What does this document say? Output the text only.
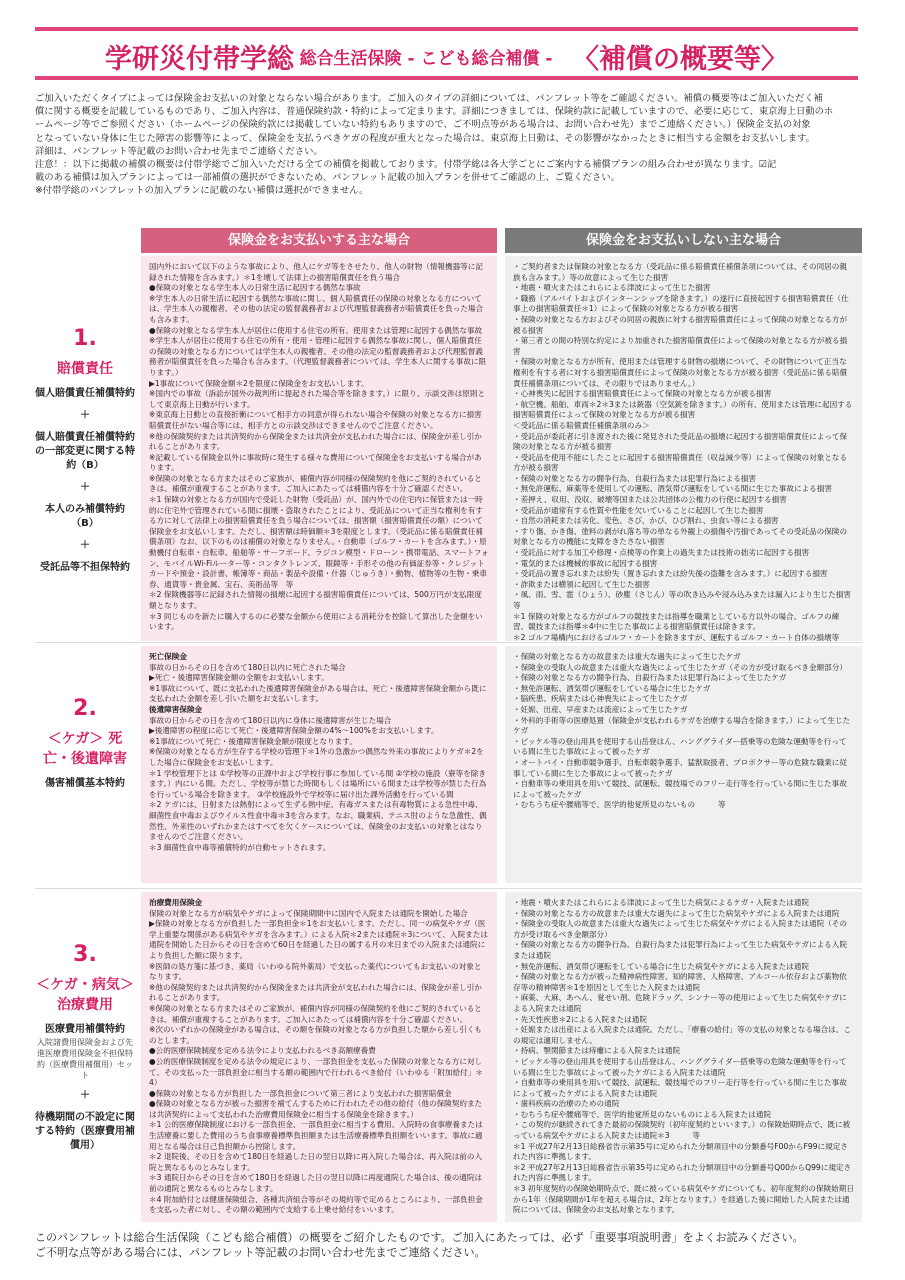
学研災付帯学総 総合生活保険 - こども総合補償 - 〈補償の概要等〉

ご加入いただくタイプによっては保険金お支払いの対象とならない場合があります。ご加入のタイプの詳細については、パンフレット等をご確認ください。補償の概要等はご加入いただく補

償に関する概要を記載しているものであり、ご加入内容は、普通保険約款・特約によって定まります。詳細につきましては、保険約款に記載していますので、必要に応じて、東京海上日動のホ

ームページ等でご参照ください（ホームページの保険約款には掲載していない特約もありますので、ご不明点等がある場合は、お問い合わせ先）までご連絡ください。）保険金支払の対象

となっていない身体に生じた障害の影響等によって、保険金を支払うべきケガの程度が重大となった場合は、東京海上日動は、その影響がなかったときに相当する金額をお支払いします。

詳細は、パンフレット等記載のお問い合わせ先までご連絡ください。

注意！：以下に掲載の補償の概要は付帯学総でご加入いただける全ての補償を掲載しております。付帯学総は各大学ごとにご案内する補償プランの組み合わせが異なります。☑記

載のある補償は加入プランによっては一部補償の選択ができないため、パンフレット記載の加入プランを併せてご確認の上、ご覧ください。

※付帯学総のパンフレットの加入プランに記載のない補償は選択ができません。

保険金をお支払いする主な場合	保険金をお支払いしない主な場合
1.
賠償責任
個人賠償責任補償特約
＋
個人賠償責任補償特約の一部変更に関する特約（B）
＋
本人のみ補償特約（B）
＋
受託品等不担保特約

国内外において以下のような事故により、他人にケガ等をさせたり、他人の財物（情報機器等に記録された情報を含みます。）＊1を壊して法律上の損害賠償責任を負う場合

●保険の対象となる学生本人の日常生活に起因する偶然な事故

※学生本人の日常生活に起因する偶然な事故に関し、個人賠償責任の保険の対象となる方については、学生本人の親権者、その他の法定の監督義務者および代理監督義務者が賠償責任を負った場合も含みます。

●保険の対象となる学生本人が居住に使用する住宅の所有、使用または管理に起因する偶然な事故

※学生本人が居住に使用する住宅の所有・使用・管理に起因する偶然な事故に関し、個人賠償責任の保険の対象となる方については学生本人の親権者、その他の法定の監督義務者および代理監督義務者が賠償責任を負った場合も含みます。（代理監督義務者については、学生本人に関する事故に限ります。）

▶1事故について保険金額＊2を限度に保険金をお支払いします。

※国内での事故（訴訟が国外の裁判所に提起された場合等を除きます。）に限り、示談交渉は原則として東京海上日動が行います。

※東京海上日動との直接折衝について相手方の同意が得られない場合や保険の対象となる方に損害賠償責任がない場合等には、相手方との示談交渉はできませんのでご注意ください。

※他の保険契約または共済契約から保険金または共済金が支払われた場合には、保険金が差し引かれることがあります。

※記載している保険金以外に事故時に発生する様々な費用について保険金をお支払いする場合があります。

※保険の対象となる方またはそのご家族が、補償内容が同様の保険契約を他にご契約されているときは、補償が重複することがあります。ご加入にあたっては補償内容を十分ご確認ください。

＊1 保険の対象となる方が国内で受託した財物（受託品）が、国内外での住宅内に保管または一時的に住宅外で管理されている間に損壊・盗取されたことにより、受託品について正当な権利を有する方に対して法律上の損害賠償責任を負う場合については、損害額（損害賠償責任の額）について保険金をお支払いします。ただし、損害額は時価額＊3を限度とします。（受託品に係る賠償責任補償条項）なお、以下のものは補償の対象となりません。・自動車（ゴルフ・カートを含みます。）・原動機付自転車・自転車、船舶等・サーフボード、ラジコン模型・ドローン・携帯電話、スマートフォン、モバイルWi-Fiルーター等・コンタクトレンズ、眼鏡等・手形その他の有価証券等・クレジットカードや預金・設計書、帳簿等・商品・製品や設備・什器（じゅうき）・動物、植物等の生物・乗車券、通貨等・貴金属、宝石、美術品等　等

＊2 保険機器等に記録された情報の損壊に起因する損害賠償責任については、500万円が支払限度額となります。

＊3 同じものを新たに購入するのに必要な金額から使用による消耗分を控除して算出した金額をいいます。

・ご契約者または保険の対象となる方（受託品に係る賠償責任補償条項については、その同居の親族も含みます。）等の故意によって生じた損害

・地震・噴火またはこれらによる津波によって生じた損害

・職務（アルバイトおよびインターンシップを除きます。）の遂行に直接起因する損害賠償責任（仕事上の損害賠償責任＊1）によって保険の対象となる方が被る損害

・保険の対象となる方およびその同居の親族に対する損害賠償責任によって保険の対象となる方が被る損害

・第三者との間の特別な約定により加重された損害賠償責任によって保険の対象となる方が被る損害

・保険の対象となる方が所有、使用または管理する財物の損壊について、その財物について正当な権利を有する者に対する損害賠償責任によって保険の対象となる方が被る損害（受託品に係る賠償責任補償条項については、その限りではありません。）

・心神喪失に起因する損害賠償責任によって保険の対象となる方が被る損害

・航空機、船舶、車両＊2＊3または銃器（空気銃を除きます。）の所有、使用または管理に起因する損害賠償責任によって保険の対象となる方が被る損害

＜受託品に係る賠償責任補償条項のみ＞

・受託品が委託者に引き渡された後に発見された受託品の損壊に起因する損害賠償責任によって保険の対象となる方が被る損害

・受託品を使用不能にしたことに起因する損害賠償責任（収益減少等）によって保険の対象となる方が被る損害

・保険の対象となる方の闘争行為、自殺行為または犯罪行為による損害

・無免許運転、麻薬等を使用しての運転、酒気帯び運転をしている間に生じた事故による損害

・差押え、収用、没収、破壊等国または公共団体の公権力の行使に起因する損害

・受託品が通常有する性質や性能を欠いていることに起因して生じた損害

・自然の消耗または劣化、変色、さび、かび、ひび割れ、虫食い等による損害

・すり傷、かき傷、塗料の剥がれ落ち等の単なる外観上の損傷や汚損であってその受託品の保険の対象となる方の機能に支障をきたさない損害

・受託品に対する加工や修理・点検等の作業上の過失または技術の拙劣に起因する損害

・電気的または機械的事故に起因する損害

・受託品の置き忘れまたは紛失（置き忘れまたは紛失後の盗難を含みます。）に起因する損害

・詐欺または横領に起因して生じた損害

・風、雨、雪、雹（ひょう）、砂塵（さじん）等の吹き込みや浸み込みまたは漏入により生じた損害　等

＊1 保険の対象となる方がゴルフの競技または指導を職業としている方以外の場合、ゴルフの練習、競技または指導＊4中に生じた事故による損害賠償責任は除きます。

＊2 ゴルフ場構内におけるゴルフ・カートを除きますが、運転するゴルフ・カート自体の損壊等

2.
＜ケガ＞ 死亡・後遺障害
傷害補償基本特約

死亡保険金

事故の日からその日を含めて180日以内に死亡された場合

▶死亡・後遺障害保険金額の全額をお支払いします。

※1事故について、既に支払われた後遺障害保険金がある場合は、死亡・後遺障害保険金額から既に支払われた金額を差し引いた額をお支払いします。

後遺障害保険金

事故の日からその日を含めて180日以内に身体に後遺障害が生じた場合

▶後遺障害の程度に応じて死亡・後遺障害保険金額の4%〜100%をお支払いします。

※1事故について死亡・後遺障害保険金額が限度となります。

※保険の対象となる方が生存する学校の管理下＊1外の急激かつ偶然な外来の事故によりケガ＊2をした場合に保険金をお支払いします。

＊1 学校管理下とは ①学校等の正課中および学校行事に参加している間 ②学校の施設（寮等を除きます。）内にいる間。ただし、学校等が禁じた時間もしくは場所にいる間または学校等が禁じた行為を行っている場合を除きます。 ③学校施設外で学校等に届け出た課外活動を行っている間

＊2 ケガには、日射または熱射によって生ずる熱中症、有毒ガスまたは有毒物質による急性中毒、細菌性食中毒およびウイルス性食中毒＊3を含みます。なお、職業病、テニス肘のような急激性、偶然性、外来性のいずれかまたはすべてを欠くケースについては、保険金のお支払いの対象とはなりませんのでご注意ください。

＊3 細菌性食中毒等補償特約が自動セットされます。

・保険の対象となる方の故意または重大な過失によって生じたケガ

・保険金の受取人の故意または重大な過失によって生じたケガ（その方が受け取るべき金額部分）

・保険の対象となる方の闘争行為、自殺行為または犯罪行為によって生じたケガ

・無免許運転、酒気帯び運転をしている場合に生じたケガ

・脳疾患、疾病または心神喪失によって生じたケガ

・妊娠、出産、早産または流産によって生じたケガ

・外科的手術等の医療処置（保険金が支払われるケガを治療する場合を除きます。）によって生じたケガ

・ピッケル等の登山用具を使用する山岳登はん、ハンググライダー搭乗等の危険な運動等を行っている間に生じた事故によって被ったケガ

・オートバイ・自動車競争選手、自転車競争選手、猛獣取扱者、プロボクサー等の危険な職業に従事している間に生じた事故によって被ったケガ

・自動車等の乗用具を用いて競技、試運転、競技場でのフリー走行等を行っている間に生じた事故によって被ったケガ

・むちうち症や腰痛等で、医学的他覚所見のないもの　　　等

3.
＜ケガ・病気＞ 治療費用
医療費用補償特約
入院諸費用保険金および先進医療費用保険金不担保特約（医療費用補償用）セット
＋
待機期間の不設定に関する特約（医療費用補償用）

治療費用保険金

保険の対象となる方が病気やケガによって保険期間中に国内で入院または通院を開始した場合

▶保険の対象となる方が負担した一部負担金＊1をお支払いします。ただし、同一の病気やケガ（医学上重要な関係がある病気やケガを含みます。）による入院＊2または通院＊3について、入院または通院を開始した日からその日を含めて60日を経過した日の属する月の末日までの入院または通院により負担した額に限ります。

※医師の処方箋に基づき、薬局（いわゆる院外薬局）で支払った薬代についてもお支払いの対象となります。

※他の保険契約または共済契約から保険金または共済金が支払われた場合には、保険金が差し引かれることがあります。

※保険の対象となる方またはそのご家族が、補償内容が同様の保険契約を他にご契約されているときは、補償が重複することがあります。ご加入にあたっては補償内容を十分ご確認ください。

※次のいずれかの保険金がある場合は、その額を保険の対象となる方が負担した額から差し引くものとします。

●公的医療保険制度を定める法令により支払われるべき高額療養費

●公的医療保険制度を定める法令の規定により、一部負担金を支払った保険の対象となる方に対して、その支払った一部負担金に相当する額の範囲内で行われるべき給付（いわゆる「附加給付」＊4）

●保険の対象となる方が負担した一部負担金について第三者により支払われた損害賠償金

●保険の対象となる方が被った損害を補てんするために行われたその他の給付（他の保険契約または共済契約によって支払われた治療費用保険金に相当する保険金を除きます。）

＊1 公的医療保険制度における一部負担金、一部負担金に相当する費用、入院時の食事療養または生活療養に要した費用のうち食事療養標準負担額または生活療養標準負担額をいいます。事故に適用となる場合は日己負担額から控除します。

＊2 退院後、その日を含めて180日を経過した日の翌日以降に再入院した場合は、再入院は前の入院と異なるものとみなします。

＊3 通院日からその日を含めて180日を経過した日の翌日以降に再度通院した場合は、後の通院は前の通院と異なるものとみなします。

＊4 附加給付とは健康保険組合、各種共済組合等がその規約等で定めるところにより、一部負担金を支払った者に対し、その額の範囲内で支給する上乗せ給付をいいます。

・地震・噴火またはこれらによる津波によって生じた病気によるケガ・入院または通院

・保険の対象となる方の故意または重大な過失によって生じた病気やケガによる入院または通院

・保険金の受取人の故意または重大な過失によって生じた病気やケガによる入院または通院（その方が受け取るべき金額部分）

・保険の対象となる方の闘争行為、自殺行為または犯罪行為によって生じた病気やケガによる入院または通院

・無免許運転、酒気帯び運転をしている場合に生じた病気やケガによる入院または通院

・保険の対象となる方が被った精神病性障害、知的障害、人格障害、アルコール依存および薬物依存等の精神障害＊1を原因として生じた入院または通院

・麻薬、大麻、あへん、覚せい剤、危険ドラッグ、シンナー等の使用によって生じた病気やケガによる入院または通院

・先天性疾患＊2による入院または通院

・妊娠または出産による入院または通院。ただし、「療養の給付」等の支払の対象となる場合は、この規定は適用しません。

・持病、顎関節または痔瘻による入院または通院

・ピッケル等の登山用具を使用する山岳登はん、ハンググライダー搭乗等の危険な運動等を行っている間に生じた事故によって被ったケガによる入院または通院

・自動車等の乗用具を用いて競技、試運転、競技場でのフリー走行等を行っている間に生じた事故によって被ったケガによる入院または通院

・歯科疾病の治療のための通院

・むちうち症や腰痛等で、医学的他覚所見のないものによる入院または通院

・この契約が継続されてきた最初の保険契約（初年度契約といいます。）の保険始期時点で、既に被っている病気やケガによる入院または通院＊3　　　等

＊1 平成27年2月13日総務省告示第35号に定められた分類項目中の分類番号F00からF99に規定された内容に準拠します。

＊2 平成27年2月13日総務省告示第35号に定められた分類項目中の分類番号Q00からQ99に規定された内容に準拠します。

＊3 初年度契約の保険始期時点で、既に被っている病気やケガについても、初年度契約の保険始期日から1年（保険期間が1年を超える場合は、2年となります。）を経過した後に開始した入院または通院については、保険金のお支払対象となります。

このパンフレットは総合生活保険（こども総合補償）の概要をご紹介したものです。ご加入にあたっては、必ず「重要事項説明書」をよくお読みください。

ご不明な点等がある場合には、パンフレット等記載のお問い合わせ先までご連絡ください。
